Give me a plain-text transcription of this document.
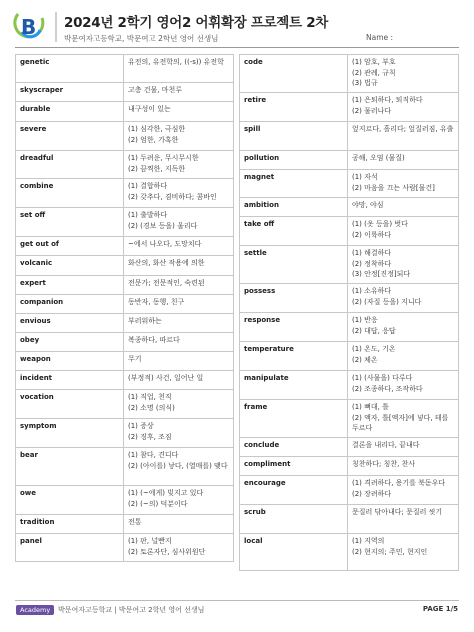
B 2024년 2학기 영어2 어휘확장 프로젝트 2차
박문여자고등학교, 박문여고 2학년 영어 선생님	Name :
genetic	유전의, 유전학의, ((-s)) 유전학
skyscraper	고층 건물, 마천루
durable	내구성이 있는
severe	(1) 심각한, 극심한
(2) 엄한, 가혹한
dreadful	(1) 두려운, 무시무시한
(2) 끔찍한, 지독한
combine	(1) 결합하다
(2) 갖추다, 겸비하다; 콤바인
set off	(1) 출발하다
(2) (경보 등을) 울리다
get out of	~에서 나오다, 도망치다
volcanic	화산의, 화산 작용에 의한
expert	전문가; 전문적인, 숙련된
companion	동반자, 동행, 친구
envious	부러워하는
obey	복종하다, 따르다
weapon	무기
incident	(부정적) 사건, 일어난 일
vocation	(1) 직업, 천직
(2) 소명 (의식)
symptom	(1) 증상
(2) 징후, 조짐
bear	(1) 참다, 견디다
(2) (아이를) 낳다, (열매를) 맺다
owe	(1) (~에게) 빚지고 있다
(2) (~의) 덕분이다
tradition	전통
panel	(1) 판, 널빤지
(2) 토론자단, 심사위원단
code	(1) 암호, 부호
(2) 관례, 규칙
(3) 법규
retire	(1) 은퇴하다, 퇴직하다
(2) 물러나다
spill	엎지르다, 흘리다; 엎질러짐, 유출
pollution	공해, 오염 (물질)
magnet	(1) 자석
(2) 마음을 끄는 사람[물건]
ambition	야망, 야심
take off	(1) (옷 등을) 벗다
(2) 이륙하다
settle	(1) 해결하다
(2) 정착하다
(3) 안정[진정]되다
possess	(1) 소유하다
(2) (자질 등을) 지니다
response	(1) 반응
(2) 대답, 응답
temperature	(1) 온도, 기온
(2) 체온
manipulate	(1) (사물을) 다루다
(2) 조종하다, 조작하다
frame	(1) 뼈대, 틀
(2) 액자, 틀[액자]에 넣다, 테를 두르다
conclude	결론을 내리다, 끝내다
compliment	칭찬하다; 칭찬, 찬사
encourage	(1) 격려하다, 용기를 북돋우다
(2) 장려하다
scrub	문질러 닦아내다; 문질러 씻기
local	(1) 지역의
(2) 현지의; 주민, 현지인
Academy	박문여자고등학교 | 박문여고 2학년 영어 선생님	PAGE 1/5
